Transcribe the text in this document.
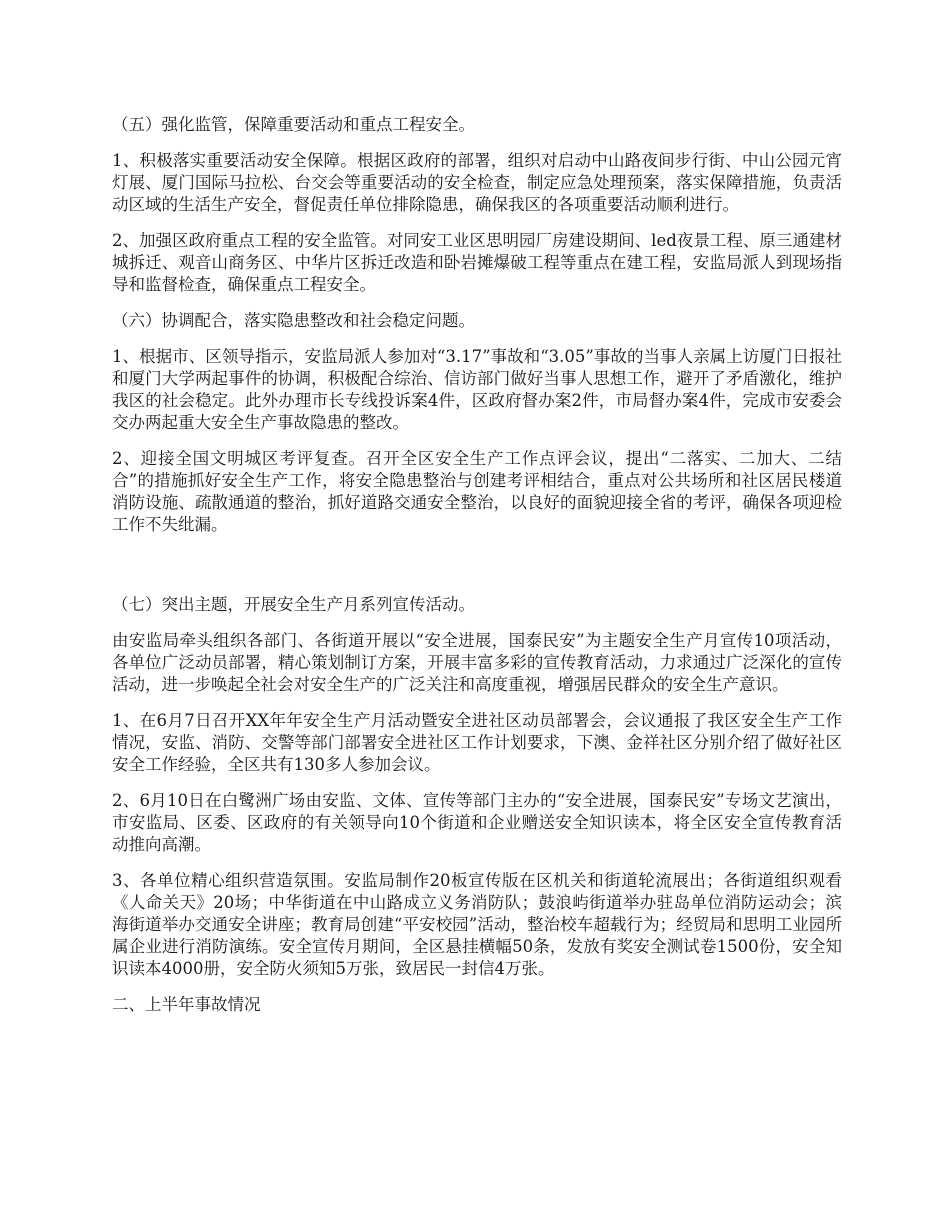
（五）强化监管，保障重要活动和重点工程安全。

1、积极落实重要活动安全保障。根据区政府的部署，组织对启动中山路夜间步行街、中山公园元宵灯展、厦门国际马拉松、台交会等重要活动的安全检查，制定应急处理预案，落实保障措施，负责活动区域的生活生产安全，督促责任单位排除隐患，确保我区的各项重要活动顺利进行。

2、加强区政府重点工程的安全监管。对同安工业区思明园厂房建设期间、led夜景工程、原三通建材城拆迁、观音山商务区、中华片区拆迁改造和卧岩摊爆破工程等重点在建工程，安监局派人到现场指导和监督检查，确保重点工程安全。

（六）协调配合，落实隐患整改和社会稳定问题。

1、根据市、区领导指示，安监局派人参加对“3.17”事故和“3.05”事故的当事人亲属上访厦门日报社和厦门大学两起事件的协调，积极配合综治、信访部门做好当事人思想工作，避开了矛盾激化，维护我区的社会稳定。此外办理市长专线投诉案4件，区政府督办案2件，市局督办案4件，完成市安委会交办两起重大安全生产事故隐患的整改。

2、迎接全国文明城区考评复查。召开全区安全生产工作点评会议，提出“二落实、二加大、二结合”的措施抓好安全生产工作，将安全隐患整治与创建考评相结合，重点对公共场所和社区居民楼道消防设施、疏散通道的整治，抓好道路交通安全整治，以良好的面貌迎接全省的考评，确保各项迎检工作不失纰漏。

（七）突出主题，开展安全生产月系列宣传活动。

由安监局牵头组织各部门、各街道开展以“安全进展，国泰民安”为主题安全生产月宣传10项活动，各单位广泛动员部署，精心策划制订方案，开展丰富多彩的宣传教育活动，力求通过广泛深化的宣传活动，进一步唤起全社会对安全生产的广泛关注和高度重视，增强居民群众的安全生产意识。

1、在6月7日召开XX年年安全生产月活动暨安全进社区动员部署会，会议通报了我区安全生产工作情况，安监、消防、交警等部门部署安全进社区工作计划要求，下澳、金祥社区分别介绍了做好社区安全工作经验，全区共有130多人参加会议。

2、6月10日在白鹭洲广场由安监、文体、宣传等部门主办的“安全进展，国泰民安”专场文艺演出，市安监局、区委、区政府的有关领导向10个街道和企业赠送安全知识读本，将全区安全宣传教育活动推向高潮。

3、各单位精心组织营造氛围。安监局制作20板宣传版在区机关和街道轮流展出；各街道组织观看《人命关天》20场；中华街道在中山路成立义务消防队；鼓浪屿街道举办驻岛单位消防运动会；滨海街道举办交通安全讲座；教育局创建“平安校园”活动，整治校车超载行为；经贸局和思明工业园所属企业进行消防演练。安全宣传月期间，全区悬挂横幅50条，发放有奖安全测试卷1500份，安全知识读本4000册，安全防火须知5万张，致居民一封信4万张。

二、上半年事故情况
